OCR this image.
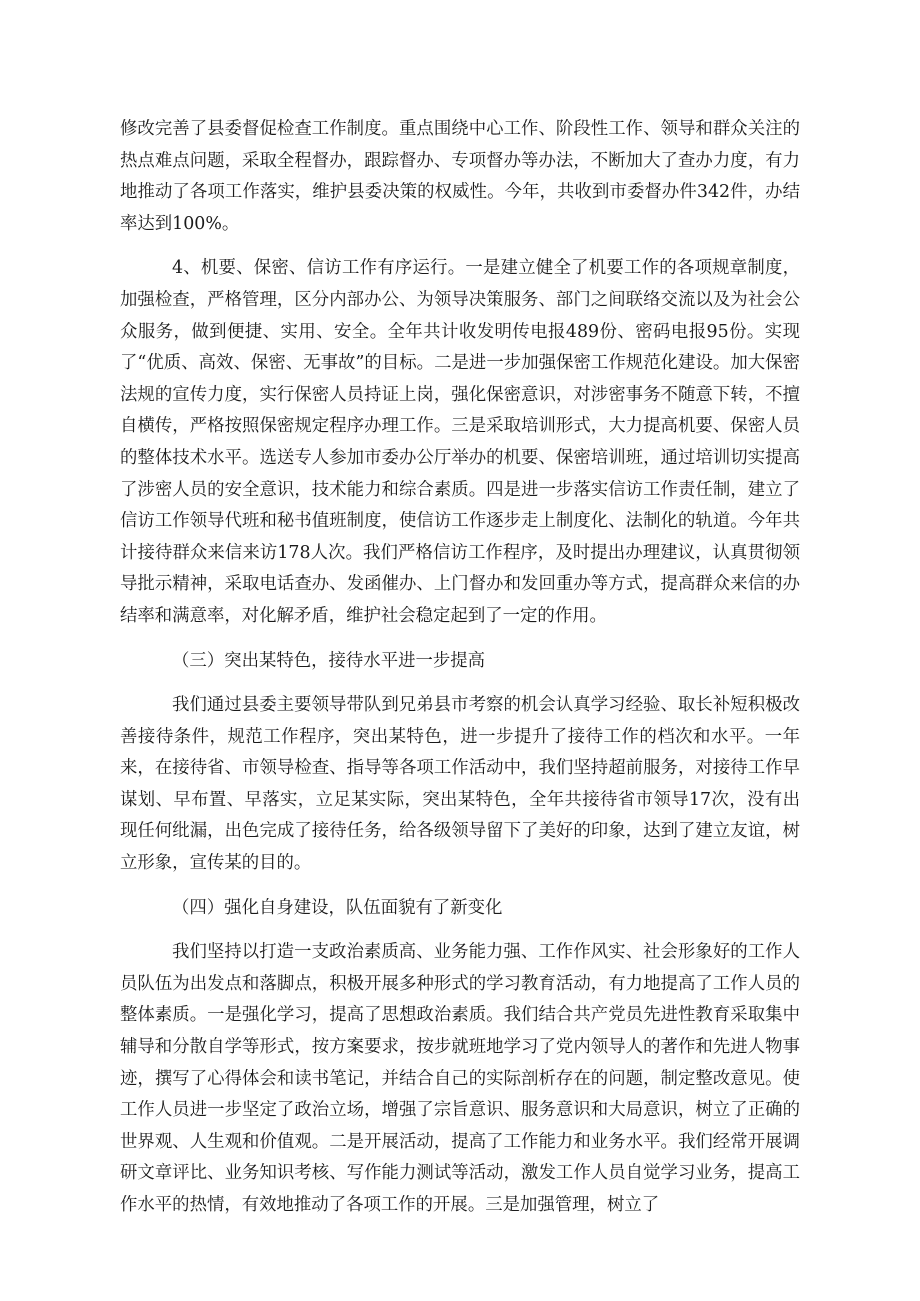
修改完善了县委督促检查工作制度。重点围绕中心工作、阶段性工作、领导和群众关注的热点难点问题，采取全程督办，跟踪督办、专项督办等办法，不断加大了查办力度，有力地推动了各项工作落实，维护县委决策的权威性。今年，共收到市委督办件342件，办结率达到100%。

4、机要、保密、信访工作有序运行。一是建立健全了机要工作的各项规章制度，加强检查，严格管理，区分内部办公、为领导决策服务、部门之间联络交流以及为社会公众服务，做到便捷、实用、安全。全年共计收发明传电报489份、密码电报95份。实现了“优质、高效、保密、无事故”的目标。二是进一步加强保密工作规范化建设。加大保密法规的宣传力度，实行保密人员持证上岗，强化保密意识，对涉密事务不随意下转，不擅自横传，严格按照保密规定程序办理工作。三是采取培训形式，大力提高机要、保密人员的整体技术水平。选送专人参加市委办公厅举办的机要、保密培训班，通过培训切实提高了涉密人员的安全意识，技术能力和综合素质。四是进一步落实信访工作责任制，建立了信访工作领导代班和秘书值班制度，使信访工作逐步走上制度化、法制化的轨道。今年共计接待群众来信来访178人次。我们严格信访工作程序，及时提出办理建议，认真贯彻领导批示精神，采取电话查办、发函催办、上门督办和发回重办等方式，提高群众来信的办结率和满意率，对化解矛盾，维护社会稳定起到了一定的作用。

（三）突出某特色，接待水平进一步提高

我们通过县委主要领导带队到兄弟县市考察的机会认真学习经验、取长补短积极改善接待条件，规范工作程序，突出某特色，进一步提升了接待工作的档次和水平。一年来，在接待省、市领导检查、指导等各项工作活动中，我们坚持超前服务，对接待工作早谋划、早布置、早落实，立足某实际，突出某特色，全年共接待省市领导17次，没有出现任何纰漏，出色完成了接待任务，给各级领导留下了美好的印象，达到了建立友谊，树立形象，宣传某的目的。

（四）强化自身建设，队伍面貌有了新变化

我们坚持以打造一支政治素质高、业务能力强、工作作风实、社会形象好的工作人员队伍为出发点和落脚点，积极开展多种形式的学习教育活动，有力地提高了工作人员的整体素质。一是强化学习，提高了思想政治素质。我们结合共产党员先进性教育采取集中辅导和分散自学等形式，按方案要求，按步就班地学习了党内领导人的著作和先进人物事迹，撰写了心得体会和读书笔记，并结合自己的实际剖析存在的问题，制定整改意见。使工作人员进一步坚定了政治立场，增强了宗旨意识、服务意识和大局意识，树立了正确的世界观、人生观和价值观。二是开展活动，提高了工作能力和业务水平。我们经常开展调研文章评比、业务知识考核、写作能力测试等活动，激发工作人员自觉学习业务，提高工作水平的热情，有效地推动了各项工作的开展。三是加强管理，树立了
